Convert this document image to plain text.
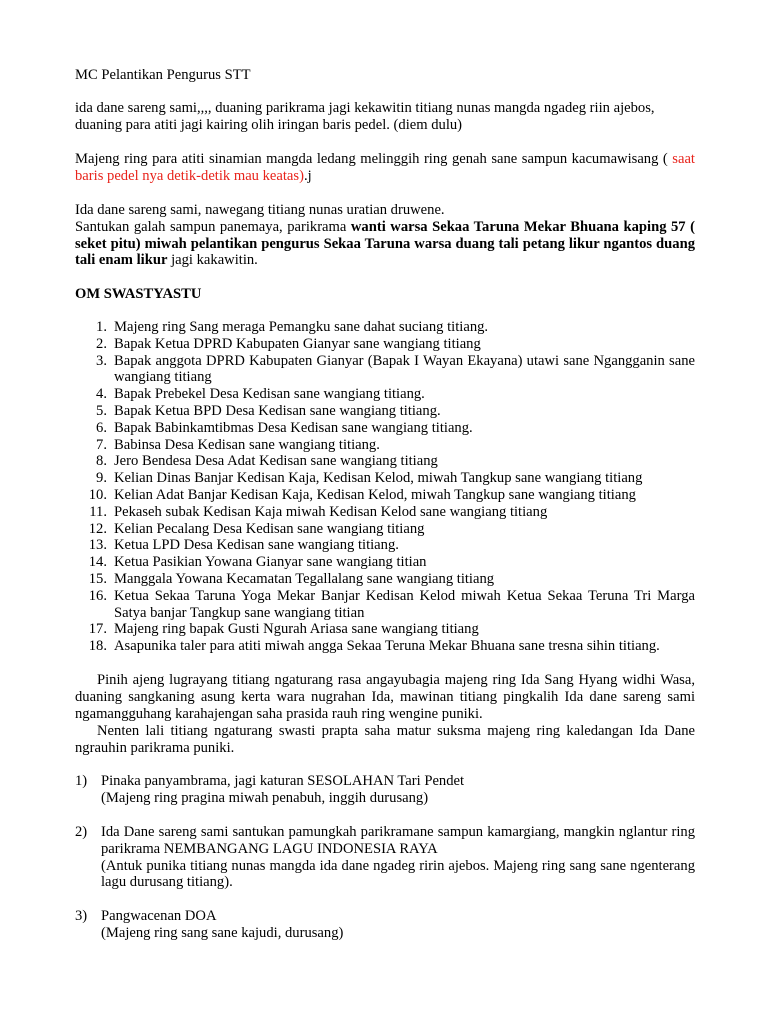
MC Pelantikan Pengurus STT

ida dane sareng sami,,,, duaning parikrama jagi kekawitin titiang nunas mangda ngadeg riin ajebos, duaning para atiti jagi kairing olih iringan baris pedel. (diem dulu)

Majeng ring para atiti sinamian mangda ledang melinggih ring genah sane sampun kacumawisang ( saat baris pedel nya detik-detik mau keatas).j

Ida dane sareng sami, nawegang titiang nunas uratian druwene.
Santukan galah sampun panemaya, parikrama wanti warsa Sekaa Taruna Mekar Bhuana kaping 57 ( seket pitu) miwah pelantikan pengurus Sekaa Taruna warsa duang tali petang likur ngantos duang tali enam likur jagi kakawitin.

OM SWASTYASTU

1. Majeng ring Sang meraga Pemangku sane dahat suciang titiang.
2. Bapak Ketua DPRD Kabupaten Gianyar sane wangiang titiang
3. Bapak anggota DPRD Kabupaten Gianyar (Bapak I Wayan Ekayana) utawi sane Ngangganin sane wangiang titiang
4. Bapak Prebekel Desa Kedisan sane wangiang titiang.
5. Bapak Ketua BPD Desa Kedisan sane wangiang titiang.
6. Bapak Babinkamtibmas Desa Kedisan sane wangiang titiang.
7. Babinsa Desa Kedisan sane wangiang titiang.
8. Jero Bendesa Desa Adat Kedisan sane wangiang titiang
9. Kelian Dinas Banjar Kedisan Kaja, Kedisan Kelod, miwah Tangkup sane wangiang titiang
10. Kelian Adat Banjar Kedisan Kaja, Kedisan Kelod, miwah Tangkup sane wangiang titiang
11. Pekaseh subak Kedisan Kaja miwah Kedisan Kelod sane wangiang titiang
12. Kelian Pecalang Desa Kedisan sane wangiang titiang
13. Ketua LPD Desa Kedisan sane wangiang titiang.
14. Ketua Pasikian Yowana Gianyar sane wangiang titian
15. Manggala Yowana Kecamatan Tegallalang sane wangiang titiang
16. Ketua Sekaa Taruna Yoga Mekar Banjar Kedisan Kelod miwah Ketua Sekaa Teruna Tri Marga Satya banjar Tangkup sane wangiang titian
17. Majeng ring bapak Gusti Ngurah Ariasa sane wangiang titiang
18. Asapunika taler para atiti miwah angga Sekaa Teruna Mekar Bhuana sane tresna sihin titiang.

Pinih ajeng lugrayang titiang ngaturang rasa angayubagia majeng ring Ida Sang Hyang widhi Wasa, duaning sangkaning asung kerta wara nugrahan Ida, mawinan titiang pingkalih Ida dane sareng sami ngamangguhang karahajengan saha prasida rauh ring wengine puniki.

Nenten lali titiang ngaturang swasti prapta saha matur suksma majeng ring kaledangan Ida Dane ngrauhin parikrama puniki.

1) Pinaka panyambrama, jagi katuran SESOLAHAN Tari Pendet
(Majeng ring pragina miwah penabuh, inggih durusang)
2) Ida Dane sareng sami santukan pamungkah parikramane sampun kamargiang, mangkin nglantur ring parikrama NEMBANGANG LAGU INDONESIA RAYA
(Antuk punika titiang nunas mangda ida dane ngadeg ririn ajebos. Majeng ring sang sane ngenterang lagu durusang titiang).
3) Pangwacenan DOA
(Majeng ring sang sane kajudi, durusang)
